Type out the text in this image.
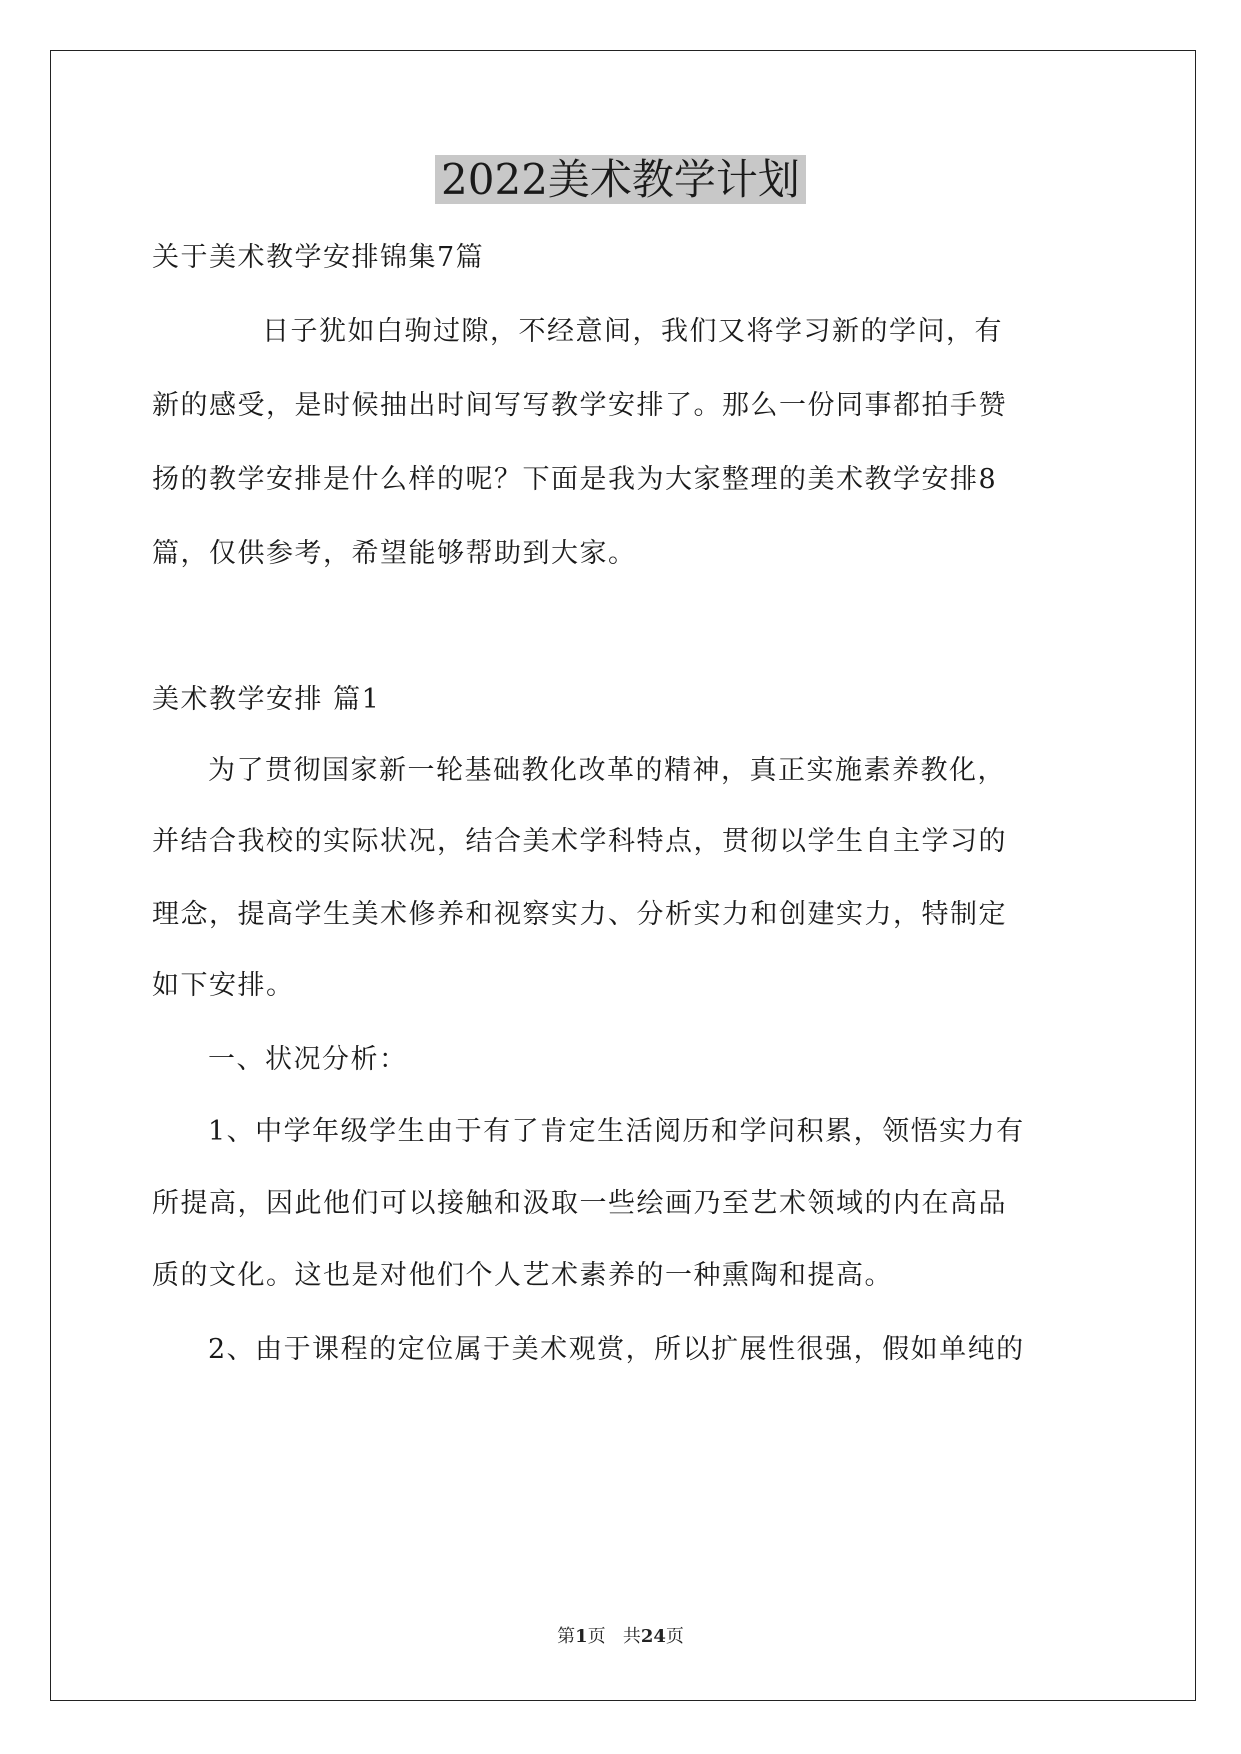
2022美术教学计划

关于美术教学安排锦集7篇

日子犹如白驹过隙，不经意间，我们又将学习新的学问，有

新的感受，是时候抽出时间写写教学安排了。那么一份同事都拍手赞

扬的教学安排是什么样的呢？下面是我为大家整理的美术教学安排8

篇，仅供参考，希望能够帮助到大家。

美术教学安排 篇1

为了贯彻国家新一轮基础教化改革的精神，真正实施素养教化，

并结合我校的实际状况，结合美术学科特点，贯彻以学生自主学习的

理念，提高学生美术修养和视察实力、分析实力和创建实力，特制定

如下安排。

一、状况分析：

1、中学年级学生由于有了肯定生活阅历和学问积累，领悟实力有

所提高，因此他们可以接触和汲取一些绘画乃至艺术领域的内在高品

质的文化。这也是对他们个人艺术素养的一种熏陶和提高。

2、由于课程的定位属于美术观赏，所以扩展性很强，假如单纯的

第1页 共24页
